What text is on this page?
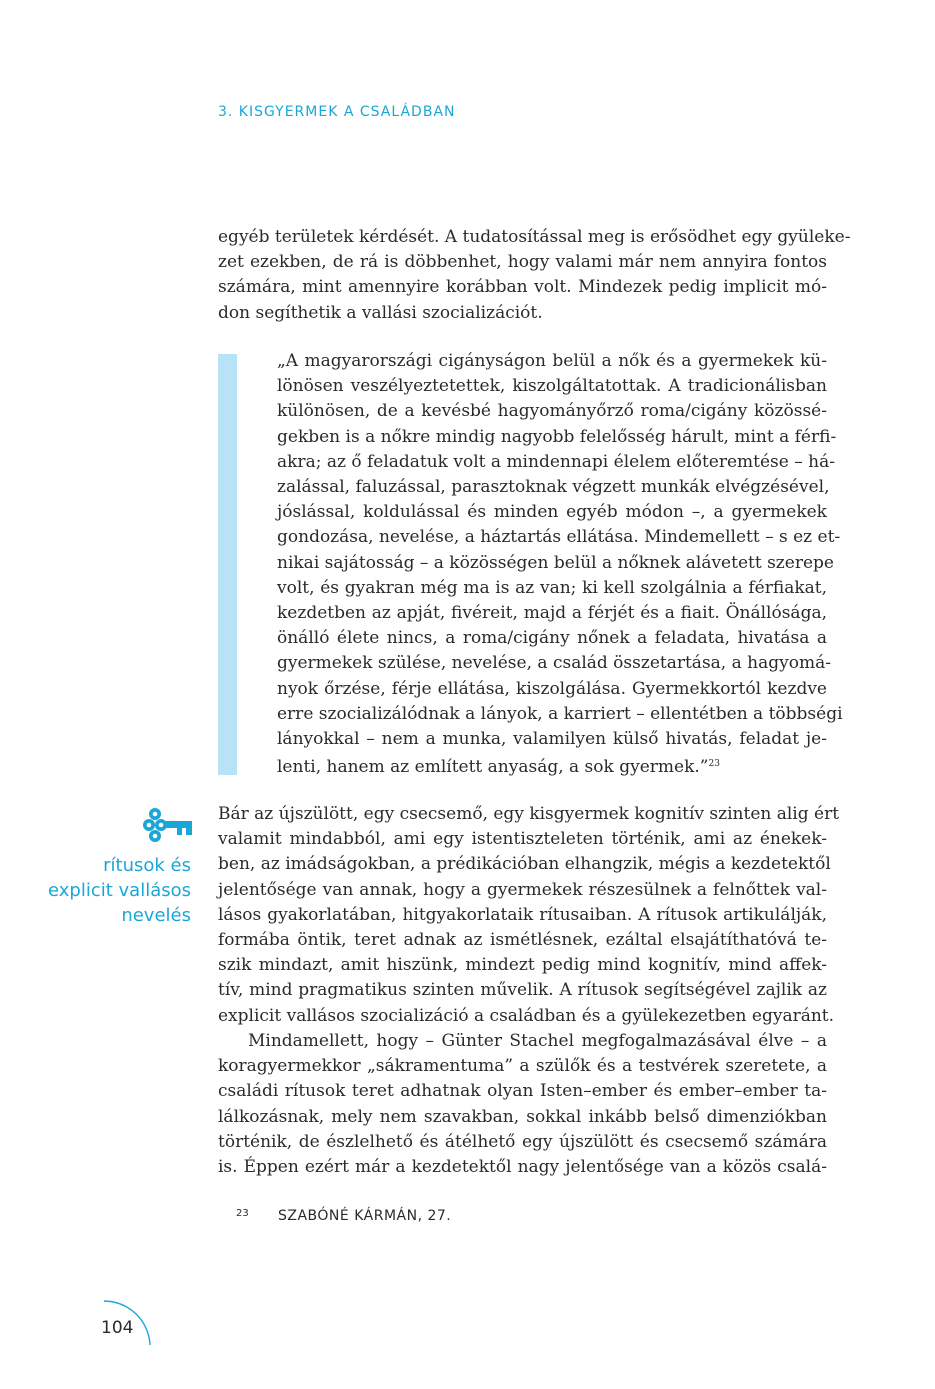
3. KISGYERMEK A CSALÁDBAN
egyéb területek kérdését. A tudatosítással meg is erősödhet egy gyüleke-
zet ezekben, de rá is döbbenhet, hogy valami már nem annyira fontos
számára, mint amennyire korábban volt. Mindezek pedig implicit mó-
don segíthetik a vallási szocializációt.
„A magyarországi cigányságon belül a nők és a gyermekek kü-
lönösen veszélyeztetettek, kiszolgáltatottak. A tradicionálisban
különösen, de a kevésbé hagyományőrző roma/cigány közössé-
gekben is a nőkre mindig nagyobb felelősség hárult, mint a férfi-
akra; az ő feladatuk volt a mindennapi élelem előteremtése – há-
zalással, faluzással, parasztoknak végzett munkák elvégzésével,
jóslással, koldulással és minden egyéb módon –, a gyermekek
gondozása, nevelése, a háztartás ellátása. Mindemellett – s ez et-
nikai sajátosság – a közösségen belül a nőknek alávetett szerepe
volt, és gyakran még ma is az van; ki kell szolgálnia a férfiakat,
kezdetben az apját, fivéreit, majd a férjét és a fiait. Önállósága,
önálló élete nincs, a roma/cigány nőnek a feladata, hivatása a
gyermekek szülése, nevelése, a család összetartása, a hagyomá-
nyok őrzése, férje ellátása, kiszolgálása. Gyermekkortól kezdve
erre szocializálódnak a lányok, a karriert – ellentétben a többségi
lányokkal – nem a munka, valamilyen külső hivatás, feladat je-
lenti, hanem az említett anyaság, a sok gyermek.”$^{23}$
rítusok és
explicit vallásos
nevelés
Bár az újszülött, egy csecsemő, egy kisgyermek kognitív szinten alig ért
valamit mindabból, ami egy istentiszteleten történik, ami az énekek-
ben, az imádságokban, a prédikációban elhangzik, mégis a kezdetektől
jelentősége van annak, hogy a gyermekek részesülnek a felnőttek val-
lásos gyakorlatában, hitgyakorlataik rítusaiban. A rítusok artikulálják,
formába öntik, teret adnak az ismétlésnek, ezáltal elsajátíthatóvá te-
szik mindazt, amit hiszünk, mindezt pedig mind kognitív, mind affek-
tív, mind pragmatikus szinten művelik. A rítusok segítségével zajlik az
explicit vallásos szocializáció a családban és a gyülekezetben egyaránt.
Mindamellett, hogy – Günter Stachel megfogalmazásával élve – a
koragyermekkor „sákramentuma” a szülők és a testvérek szeretete, a
családi rítusok teret adhatnak olyan Isten–ember és ember–ember ta-
lálkozásnak, mely nem szavakban, sokkal inkább belső dimenziókban
történik, de észlelhető és átélhető egy újszülött és csecsemő számára
is. Éppen ezért már a kezdetektől nagy jelentősége van a közös csalá-
23 SZABÓNÉ KÁRMÁN, 27.
104
